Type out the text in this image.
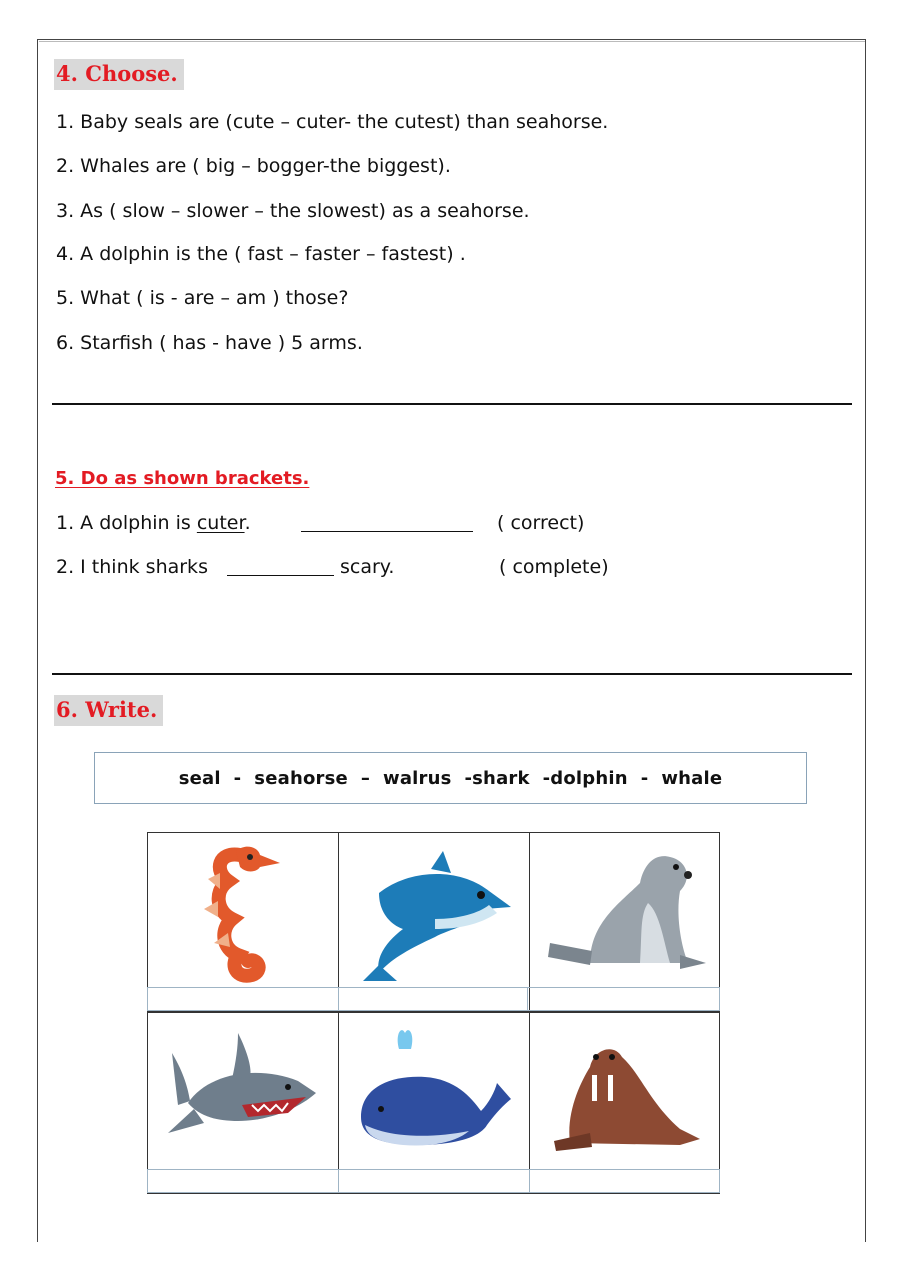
4. Choose.
1. Baby seals are (cute – cuter- the cutest) than seahorse.
2. Whales are ( big – bogger-the biggest).
3. As ( slow – slower – the slowest) as a seahorse.
4. A dolphin is the ( fast – faster – fastest) .
5. What ( is - are – am ) those?
6. Starfish ( has - have ) 5 arms.
5. Do as shown brackets.
1. A dolphin is cuter.	( correct)
2. I think sharks	scary.	( complete)
6. Write.
seal  -  seahorse  –  walrus  -shark  -dolphin  -  whale
